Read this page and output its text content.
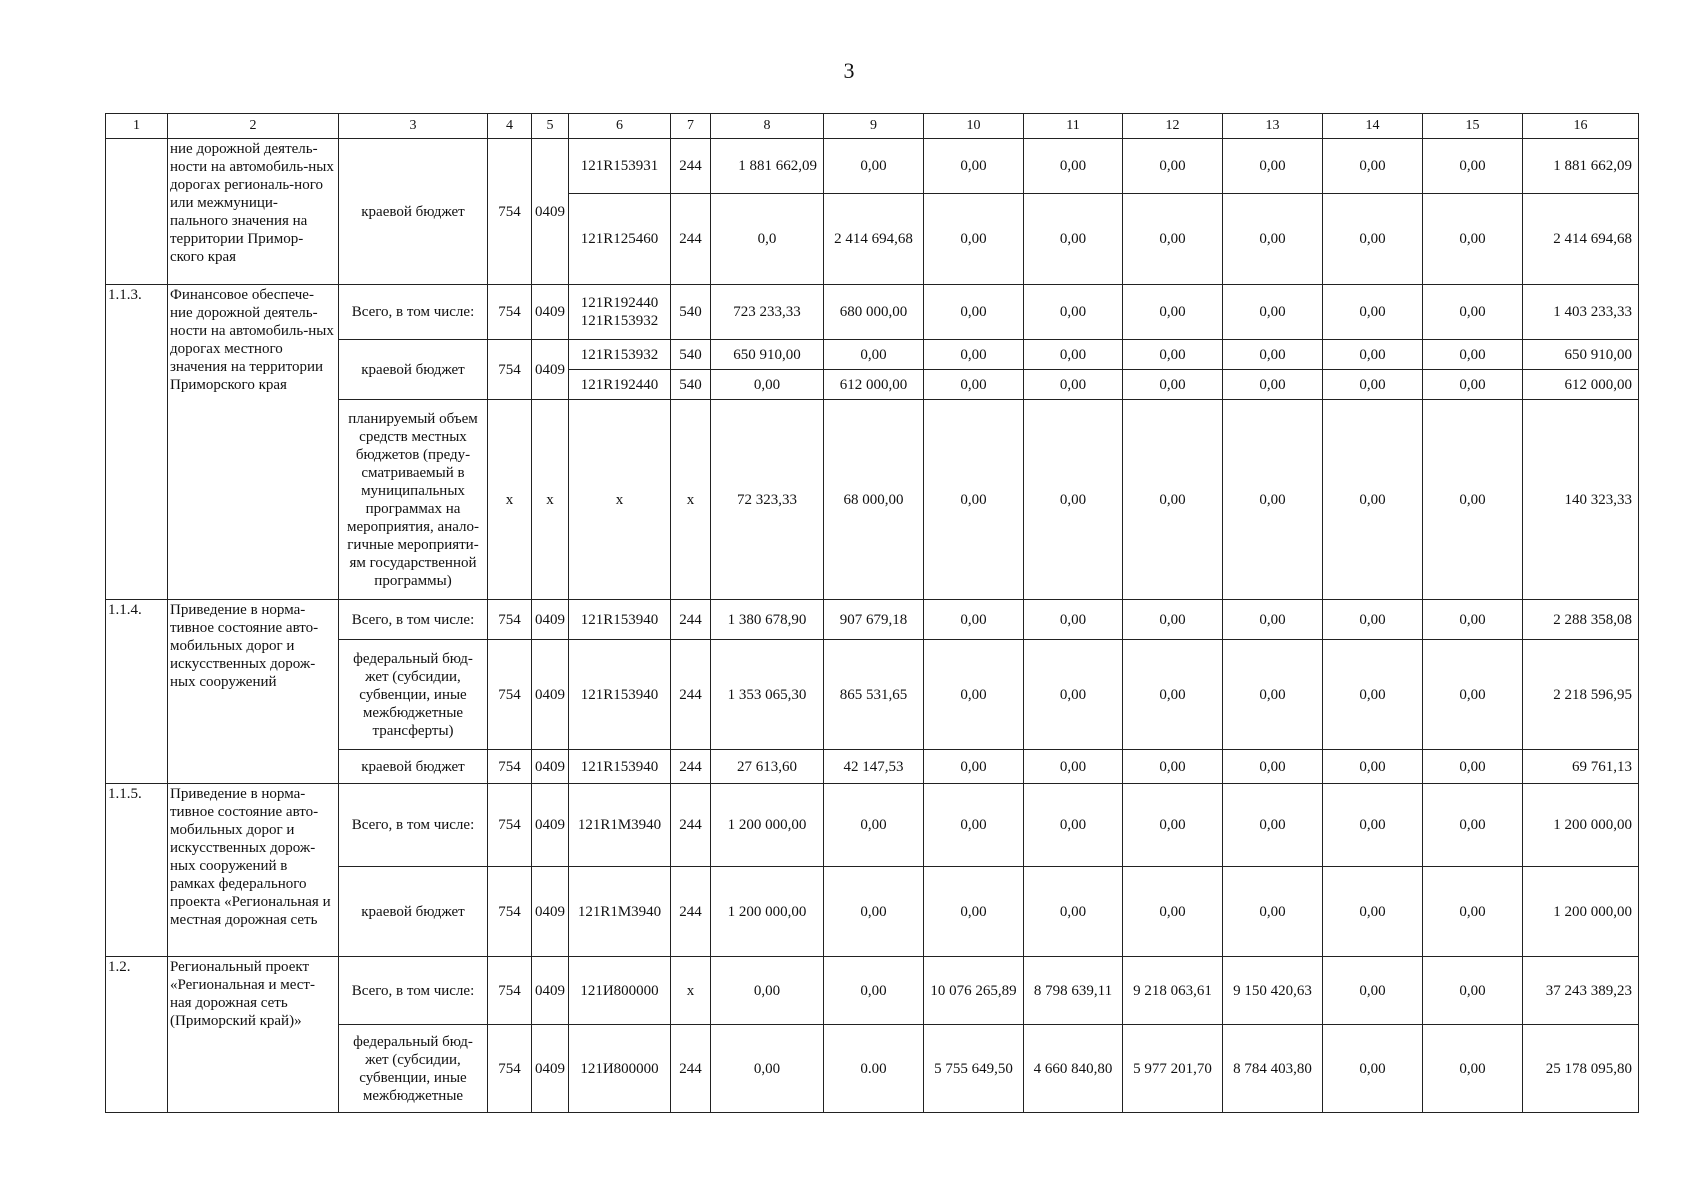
3
1	2	3	4	5	6	7	8	9	10	11	12	13	14	15	16
	ние дорожной деятель-ности на автомобиль-ных дорогах региональ-ного или межмуници-пального значения на территории Примор-ского края	краевой бюджет	754	0409	121R153931	244	1 881 662,09	0,00	0,00	0,00	0,00	0,00	0,00	0,00	1 881 662,09
					121R125460	244	0,0	2 414 694,68	0,00	0,00	0,00	0,00	0,00	0,00	2 414 694,68
1.1.3.	Финансовое обеспече-ние дорожной деятель-ности на автомобиль-ных дорогах местного значения на территории Приморского края	Всего, в том числе:	754	0409	121R192440 121R153932	540	723 233,33	680 000,00	0,00	0,00	0,00	0,00	0,00	0,00	1 403 233,33
		краевой бюджет	754	0409	121R153932	540	650 910,00	0,00	0,00	0,00	0,00	0,00	0,00	0,00	650 910,00
					121R192440	540	0,00	612 000,00	0,00	0,00	0,00	0,00	0,00	0,00	612 000,00
		планируемый объем средств местных бюджетов (преду-сматриваемый в муниципальных программах на мероприятия, анало-гичные мероприяти-ям государственной программы)	x	x	x	x	72 323,33	68 000,00	0,00	0,00	0,00	0,00	0,00	0,00	140 323,33
1.1.4.	Приведение в норма-тивное состояние авто-мобильных дорог и искусственных дорож-ных сооружений	Всего, в том числе:	754	0409	121R153940	244	1 380 678,90	907 679,18	0,00	0,00	0,00	0,00	0,00	0,00	2 288 358,08
		федеральный бюд-жет (субсидии, субвенции, иные межбюджетные трансферты)	754	0409	121R153940	244	1 353 065,30	865 531,65	0,00	0,00	0,00	0,00	0,00	0,00	2 218 596,95
		краевой бюджет	754	0409	121R153940	244	27 613,60	42 147,53	0,00	0,00	0,00	0,00	0,00	0,00	69 761,13
1.1.5.	Приведение в норма-тивное состояние авто-мобильных дорог и искусственных дорож-ных сооружений в рамках федерального проекта «Региональная и местная дорожная сеть	Всего, в том числе:	754	0409	121R1M3940	244	1 200 000,00	0,00	0,00	0,00	0,00	0,00	0,00	0,00	1 200 000,00
		краевой бюджет	754	0409	121R1M3940	244	1 200 000,00	0,00	0,00	0,00	0,00	0,00	0,00	0,00	1 200 000,00
1.2.	Региональный проект «Региональная и мест-ная дорожная сеть (Приморский край)»	Всего, в том числе:	754	0409	121И800000	x	0,00	0,00	10 076 265,89	8 798 639,11	9 218 063,61	9 150 420,63	0,00	0,00	37 243 389,23
		федеральный бюд-жет (субсидии, субвенции, иные межбюджетные	754	0409	121И800000	244	0,00	0.00	5 755 649,50	4 660 840,80	5 977 201,70	8 784 403,80	0,00	0,00	25 178 095,80
